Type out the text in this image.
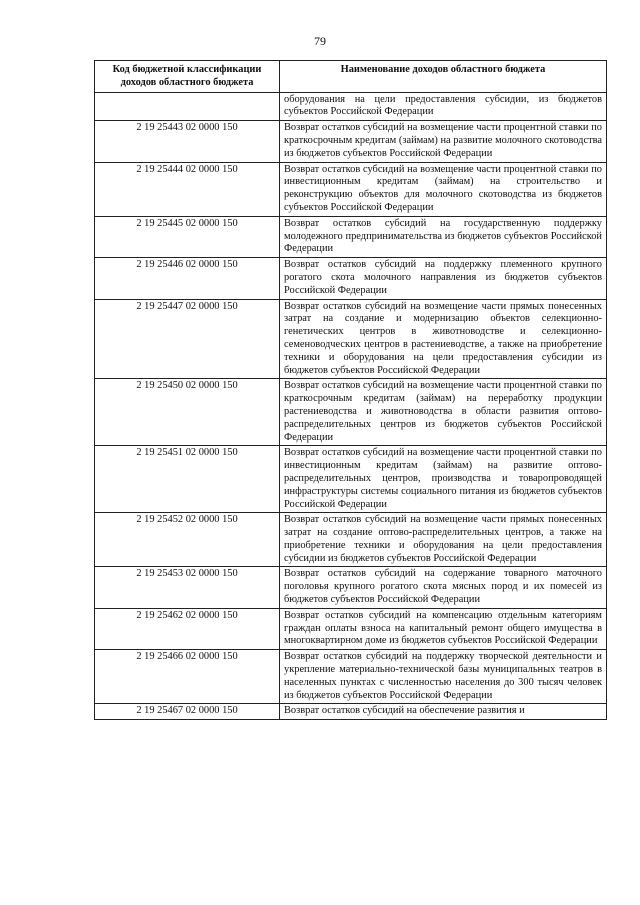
79
Код бюджетной классификации доходов областного бюджета	Наименование доходов областного бюджета
	оборудования на цели предоставления субсидии, из бюджетов субъектов Российской Федерации
2 19 25443 02 0000 150	Возврат остатков субсидий на возмещение части процентной ставки по краткосрочным кредитам (займам) на развитие молочного скотоводства из бюджетов субъектов Российской Федерации
2 19 25444 02 0000 150	Возврат остатков субсидий на возмещение части процентной ставки по инвестиционным кредитам (займам) на строительство и реконструкцию объектов для молочного скотоводства из бюджетов субъектов Российской Федерации
2 19 25445 02 0000 150	Возврат остатков субсидий на государственную поддержку молодежного предпринимательства из бюджетов субъектов Российской Федерации
2 19 25446 02 0000 150	Возврат остатков субсидий на поддержку племенного крупного рогатого скота молочного направления из бюджетов субъектов Российской Федерации
2 19 25447 02 0000 150	Возврат остатков субсидий на возмещение части прямых понесенных затрат на создание и модернизацию объектов селекционно-генетических центров в животноводстве и селекционно-семеноводческих центров в растениеводстве, а также на приобретение техники и оборудования на цели предоставления субсидии из бюджетов субъектов Российской Федерации
2 19 25450 02 0000 150	Возврат остатков субсидий на возмещение части процентной ставки по краткосрочным кредитам (займам) на переработку продукции растениеводства и животноводства в области развития оптово-распределительных центров из бюджетов субъектов Российской Федерации
2 19 25451 02 0000 150	Возврат остатков субсидий на возмещение части процентной ставки по инвестиционным кредитам (займам) на развитие оптово-распределительных центров, производства и товаропроводящей инфраструктуры системы социального питания из бюджетов субъектов Российской Федерации
2 19 25452 02 0000 150	Возврат остатков субсидий на возмещение части прямых понесенных затрат на создание оптово-распределительных центров, а также на приобретение техники и оборудования на цели предоставления субсидии из бюджетов субъектов Российской Федерации
2 19 25453 02 0000 150	Возврат остатков субсидий на содержание товарного маточного поголовья крупного рогатого скота мясных пород и их помесей из бюджетов субъектов Российской Федерации
2 19 25462 02 0000 150	Возврат остатков субсидий на компенсацию отдельным категориям граждан оплаты взноса на капитальный ремонт общего имущества в многоквартирном доме из бюджетов субъектов Российской Федерации
2 19 25466 02 0000 150	Возврат остатков субсидий на поддержку творческой деятельности и укрепление материально-технической базы муниципальных театров в населенных пунктах с численностью населения до 300 тысяч человек из бюджетов субъектов Российской Федерации
2 19 25467 02 0000 150	Возврат остатков субсидий на обеспечение развития и
